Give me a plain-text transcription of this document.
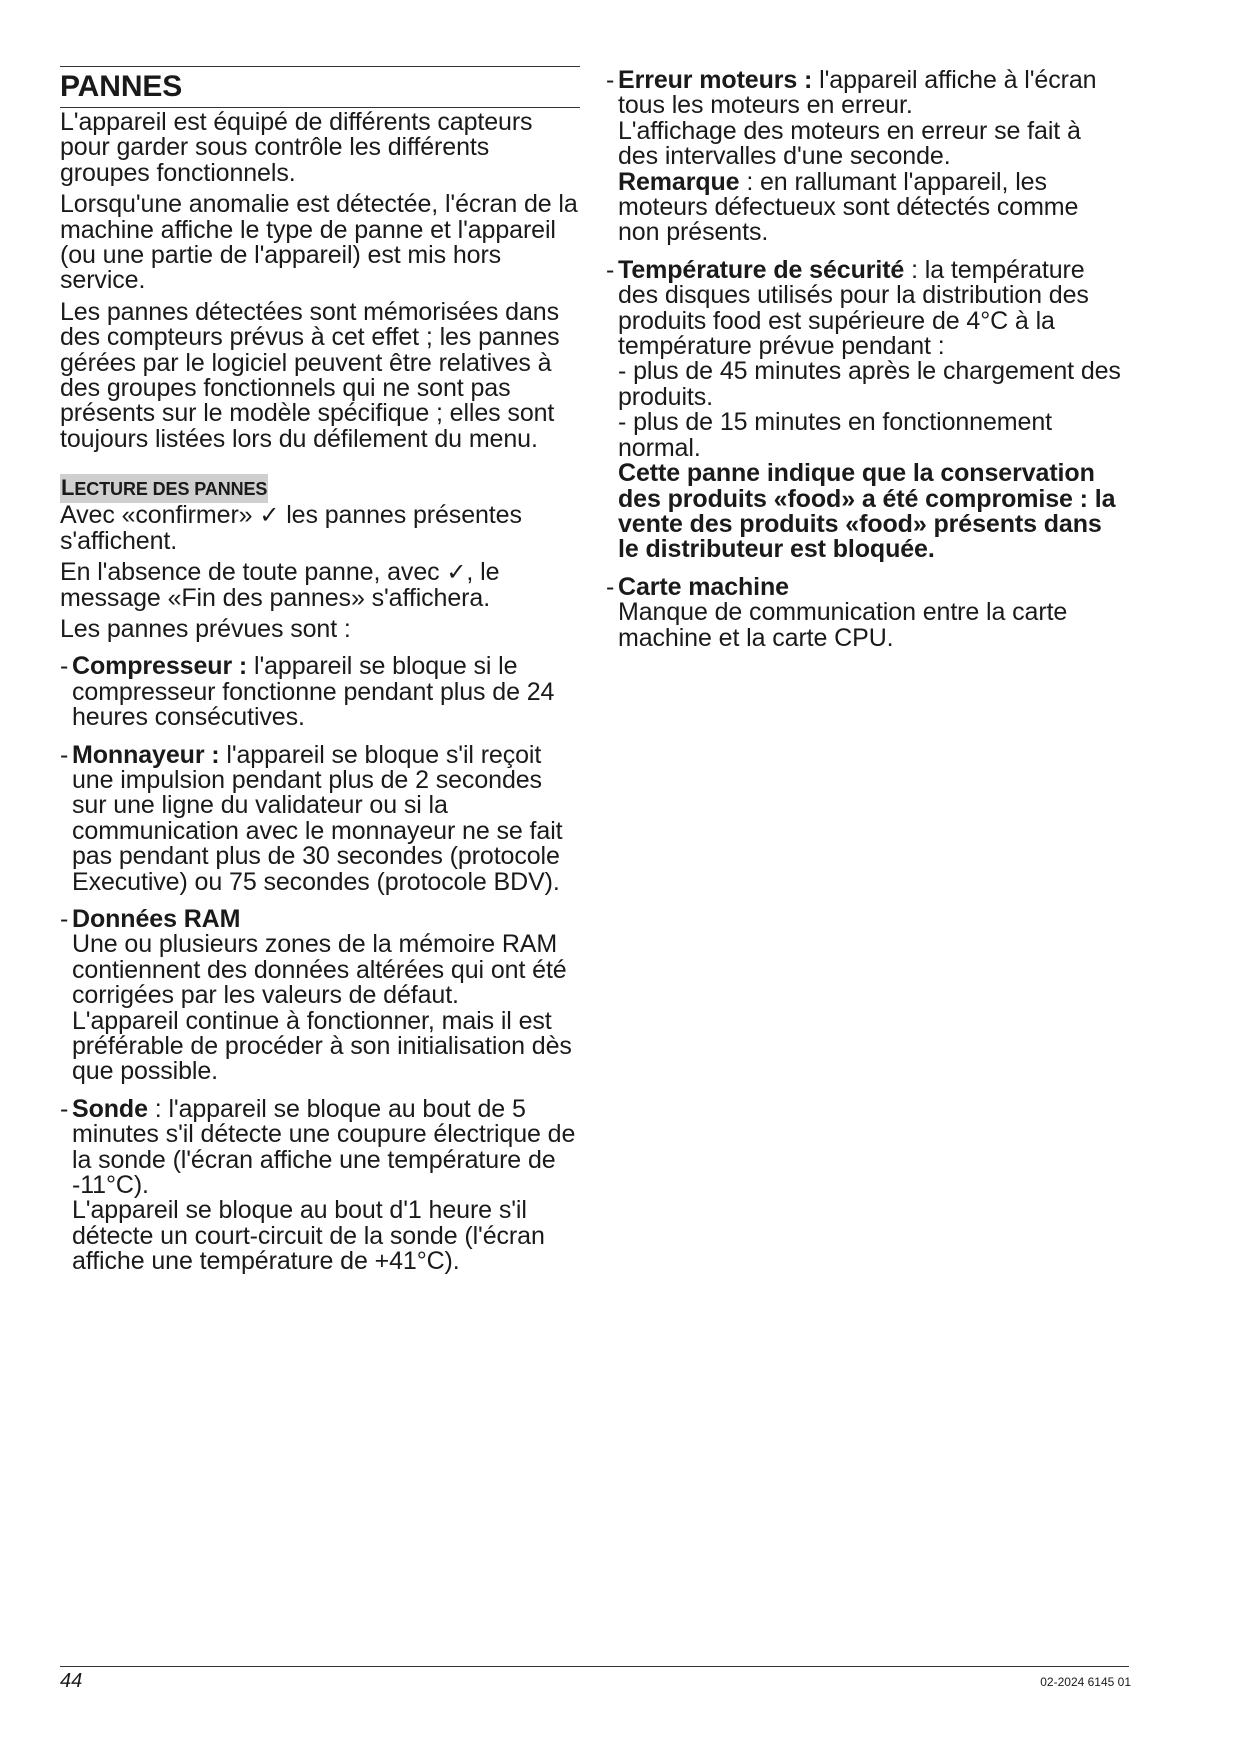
PANNES

L'appareil est équipé de différents capteurs pour garder sous contrôle les différents groupes fonctionnels.

Lorsqu'une anomalie est détectée, l'écran de la machine affiche le type de panne et l'appareil (ou une partie de l'appareil) est mis hors service.

Les pannes détectées sont mémorisées dans des compteurs prévus à cet effet ; les pannes gérées par le logiciel peuvent être relatives à des groupes fonctionnels qui ne sont pas présents sur le modèle spécifique ; elles sont toujours listées lors du défilement du menu.

LECTURE DES PANNES

Avec «confirmer» ✓ les pannes présentes s'affichent.

En l'absence de toute panne, avec ✓, le message «Fin des pannes» s'affichera.

Les pannes prévues sont :

- Compresseur : l'appareil se bloque si le compresseur fonctionne pendant plus de 24 heures consécutives.
- Monnayeur : l'appareil se bloque s'il reçoit une impulsion pendant plus de 2 secondes sur une ligne du validateur ou si la communication avec le monnayeur ne se fait pas pendant plus de 30 secondes (protocole Executive) ou 75 secondes (protocole BDV).
- Données RAM
Une ou plusieurs zones de la mémoire RAM contiennent des données altérées qui ont été corrigées par les valeurs de défaut.
L'appareil continue à fonctionner, mais il est préférable de procéder à son initialisation dès que possible.
- Sonde : l'appareil se bloque au bout de 5 minutes s'il détecte une coupure électrique de la sonde (l'écran affiche une température de -11°C).
L'appareil se bloque au bout d'1 heure s'il détecte un court-circuit de la sonde (l'écran affiche une température de +41°C).
- Erreur moteurs : l'appareil affiche à l'écran tous les moteurs en erreur.
L'affichage des moteurs en erreur se fait à des intervalles d'une seconde.
Remarque : en rallumant l'appareil, les moteurs défectueux sont détectés comme non présents.
- Température de sécurité : la température des disques utilisés pour la distribution des produits food est supérieure de 4°C à la température prévue pendant :
- plus de 45 minutes après le chargement des produits.
- plus de 15 minutes en fonctionnement normal.
Cette panne indique que la conservation des produits «food» a été compromise : la vente des produits «food» présents dans le distributeur est bloquée.
- Carte machine
Manque de communication entre la carte machine et la carte CPU.
44	02-2024 6145 01
